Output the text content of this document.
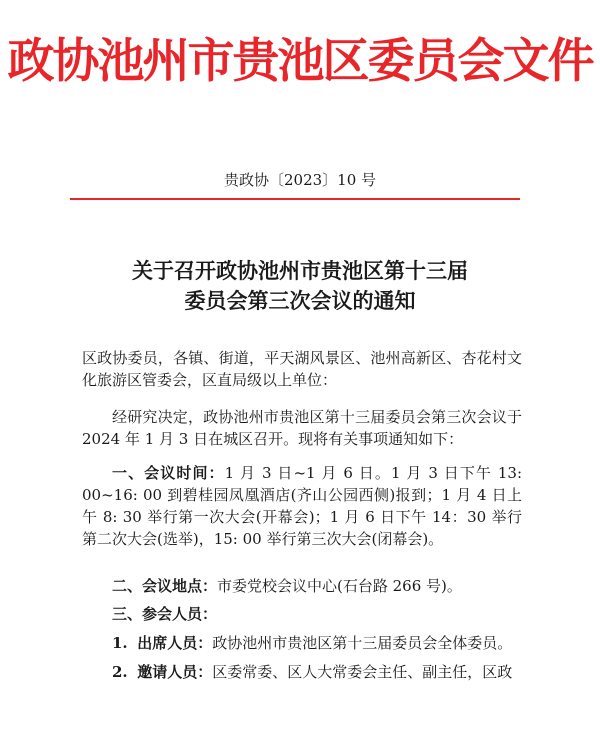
政协池州市贵池区委员会文件
贵政协〔2023〕10 号
关于召开政协池州市贵池区第十三届
委员会第三次会议的通知
区政协委员，各镇、街道，平天湖风景区、池州高新区、杏花村文化旅游区管委会，区直局级以上单位：
经研究决定，政协池州市贵池区第十三届委员会第三次会议于 2024 年 1 月 3 日在城区召开。现将有关事项通知如下：
一、会议时间：1 月 3 日~1 月 6 日。1 月 3 日下午 13: 00~16: 00 到碧桂园凤凰酒店(齐山公园西侧)报到；1 月 4 日上午 8: 30 举行第一次大会(开幕会)；1 月 6 日下午 14：30 举行第二次大会(选举)，15: 00 举行第三次大会(闭幕会)。
二、会议地点：市委党校会议中心(石台路 266 号)。
三、参会人员：
1. 出席人员：政协池州市贵池区第十三届委员会全体委员。
2. 邀请人员：区委常委、区人大常委会主任、副主任，区政
